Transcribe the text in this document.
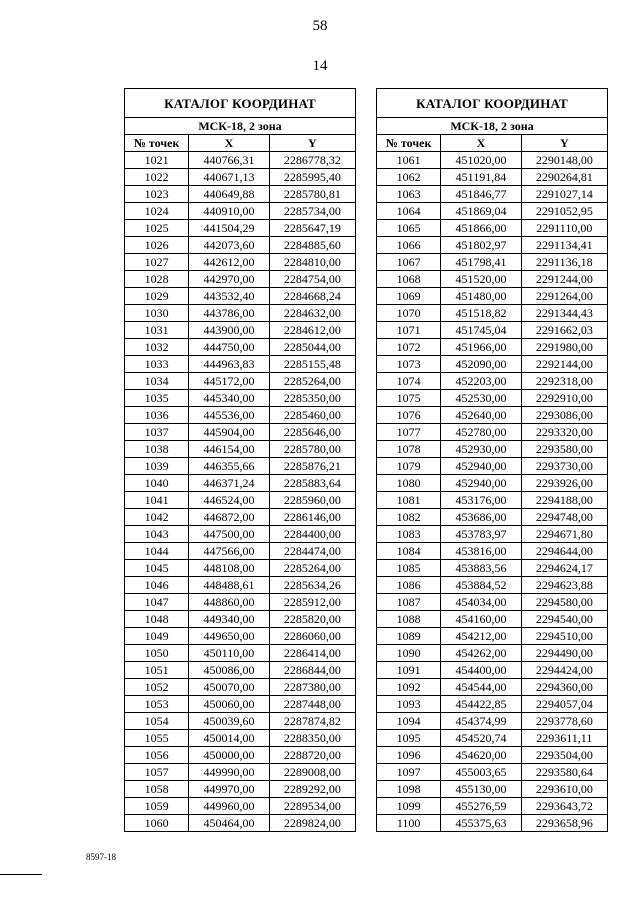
58
14
КАТАЛОГ КООРДИНАТ		
МСК-18, 2 зона		
№ точек	X	Y
1021	440766,31	2286778,32
1022	440671,13	2285995,40
1023	440649,88	2285780,81
1024	440910,00	2285734,00
1025	441504,29	2285647,19
1026	442073,60	2284885,60
1027	442612,00	2284810,00
1028	442970,00	2284754,00
1029	443532,40	2284668,24
1030	443786,00	2284632,00
1031	443900,00	2284612,00
1032	444750,00	2285044,00
1033	444963,83	2285155,48
1034	445172,00	2285264,00
1035	445340,00	2285350,00
1036	445536,00	2285460,00
1037	445904,00	2285646,00
1038	446154,00	2285780,00
1039	446355,66	2285876,21
1040	446371,24	2285883,64
1041	446524,00	2285960,00
1042	446872,00	2286146,00
1043	447500,00	2284400,00
1044	447566,00	2284474,00
1045	448108,00	2285264,00
1046	448488,61	2285634,26
1047	448860,00	2285912,00
1048	449340,00	2285820,00
1049	449650,00	2286060,00
1050	450110,00	2286414,00
1051	450086,00	2286844,00
1052	450070,00	2287380,00
1053	450060,00	2287448,00
1054	450039,60	2287874,82
1055	450014,00	2288350,00
1056	450000,00	2288720,00
1057	449990,00	2289008,00
1058	449970,00	2289292,00
1059	449960,00	2289534,00
1060	450464,00	2289824,00
КАТАЛОГ КООРДИНАТ		
МСК-18, 2 зона		
№ точек	X	Y
1061	451020,00	2290148,00
1062	451191,84	2290264,81
1063	451846,77	2291027,14
1064	451869,04	2291052,95
1065	451866,00	2291110,00
1066	451802,97	2291134,41
1067	451798,41	2291136,18
1068	451520,00	2291244,00
1069	451480,00	2291264,00
1070	451518,82	2291344,43
1071	451745,04	2291662,03
1072	451966,00	2291980,00
1073	452090,00	2292144,00
1074	452203,00	2292318,00
1075	452530,00	2292910,00
1076	452640,00	2293086,00
1077	452780,00	2293320,00
1078	452930,00	2293580,00
1079	452940,00	2293730,00
1080	452940,00	2293926,00
1081	453176,00	2294188,00
1082	453686,00	2294748,00
1083	453783,97	2294671,80
1084	453816,00	2294644,00
1085	453883,56	2294624,17
1086	453884,52	2294623,88
1087	454034,00	2294580,00
1088	454160,00	2294540,00
1089	454212,00	2294510,00
1090	454262,00	2294490,00
1091	454400,00	2294424,00
1092	454544,00	2294360,00
1093	454422,85	2294057,04
1094	454374,99	2293778,60
1095	454520,74	2293611,11
1096	454620,00	2293504,00
1097	455003,65	2293580,64
1098	455130,00	2293610,00
1099	455276,59	2293643,72
1100	455375,63	2293658,96
8597-18
